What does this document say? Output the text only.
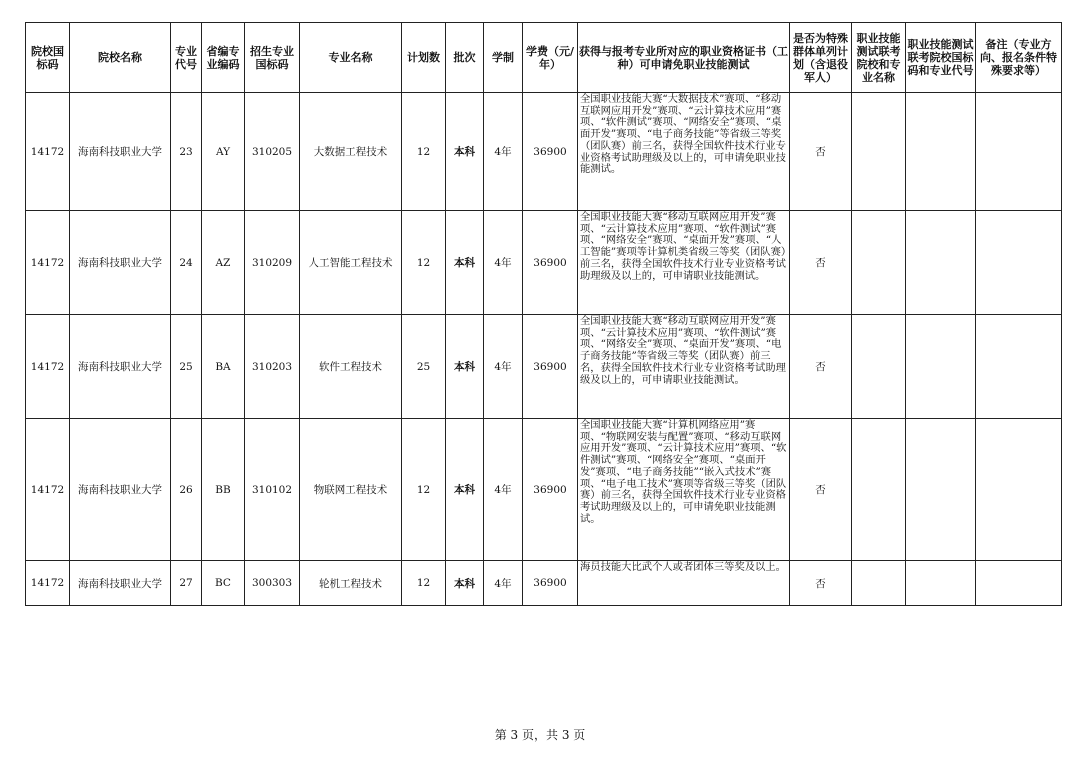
院校国标码	院校名称	专业代号	省编专业编码	招生专业国标码	专业名称	计划数	批次	学制	学费（元/年）	获得与报考专业所对应的职业资格证书（工种）可申请免职业技能测试	是否为特殊群体单列计划（含退役军人）	职业技能测试联考院校和专业名称	职业技能测试联考院校国标码和专业代号	备注（专业方向、报名条件特殊要求等）
14172	海南科技职业大学	23	AY	310205	大数据工程技术	12	本科	4年	36900	全国职业技能大赛“大数据技术”赛项、“移动互联网应用开发”赛项、“云计算技术应用”赛项、“软件测试”赛项、“网络安全”赛项、“桌面开发”赛项、“电子商务技能”等省级三等奖（团队赛）前三名，获得全国软件技术行业专业资格考试助理级及以上的，可申请免职业技能测试。	否			
14172	海南科技职业大学	24	AZ	310209	人工智能工程技术	12	本科	4年	36900	全国职业技能大赛“移动互联网应用开发”赛项、“云计算技术应用”赛项、“软件测试”赛项、“网络安全”赛项、“桌面开发”赛项、“人工智能”赛项等计算机类省级三等奖（团队赛）前三名，获得全国软件技术行业专业资格考试助理级及以上的，可申请职业技能测试。	否			
14172	海南科技职业大学	25	BA	310203	软件工程技术	25	本科	4年	36900	全国职业技能大赛“移动互联网应用开发”赛项、“云计算技术应用”赛项、“软件测试”赛项、“网络安全”赛项、“桌面开发”赛项、“电子商务技能”等省级三等奖（团队赛）前三名，获得全国软件技术行业专业资格考试助理级及以上的，可申请职业技能测试。	否			
14172	海南科技职业大学	26	BB	310102	物联网工程技术	12	本科	4年	36900	全国职业技能大赛“计算机网络应用”赛项、“物联网安装与配置”赛项、“移动互联网应用开发”赛项、“云计算技术应用”赛项、“软件测试”赛项、“网络安全”赛项、“桌面开发”赛项、“电子商务技能”“嵌入式技术”赛项、“电子电工技术”赛项等省级三等奖（团队赛）前三名，获得全国软件技术行业专业资格考试助理级及以上的，可申请免职业技能测试。	否			
14172	海南科技职业大学	27	BC	300303	轮机工程技术	12	本科	4年	36900	海员技能大比武个人或者团体三等奖及以上。	否			
第 3 页，共 3 页
